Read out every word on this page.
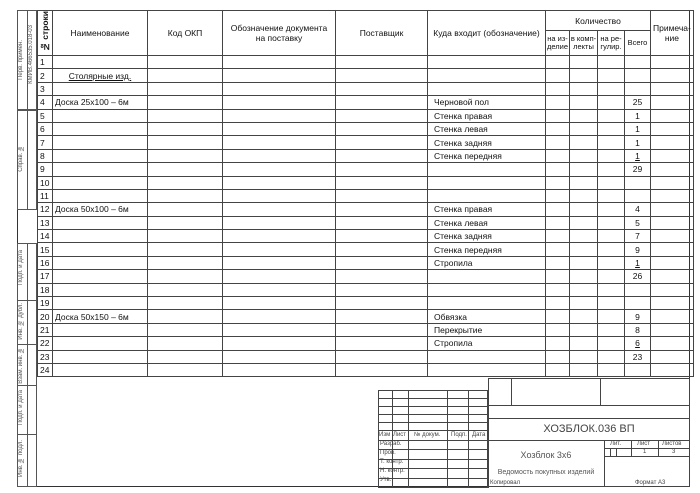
Перв. примен. КМИВ.466535.018-03
Справ. №
Подп. и дата
Инв. № дубл.
Взам. инв. №
Подп. и дата
Инв. № подл.
№ строки	Наименование	Код ОКП	Обозначение документа на поставку	Поставщик	Куда входит (обозначение)	Количество				Примеча-ние
						на из-делие	в комп-лекты	на ре-гулир.	Всего	
1										
2	Столярные изд.									
3										
4	Доска 25х100 – 6м				Черновой пол				25	
5					Стенка правая				1	
6					Стенка левая				1	
7					Стенка задняя				1	
8					Стенка передняя				1	
9									29	
10										
11										
12	Доска 50х100 – 6м				Стенка правая				4	
13					Стенка левая				5	
14					Стенка задняя				7	
15					Стенка передняя				9	
16					Стропила				1	
17									26	
18										
19										
20	Доска 50х150 – 6м				Обвязка				9	
21					Перекрытие				8	
22					Стропила				6	
23									23	
24										
Изм Лист № докум. Подп. Дата
Разраб.
Пров.
Т. контр.
Н. контр.
Утв.
ХОЗБЛОК.036 ВП
Лит.	Лист Листов
1	3
Хозблок 3х6
Ведомость покупных изделий
Копировал	Формат А3
